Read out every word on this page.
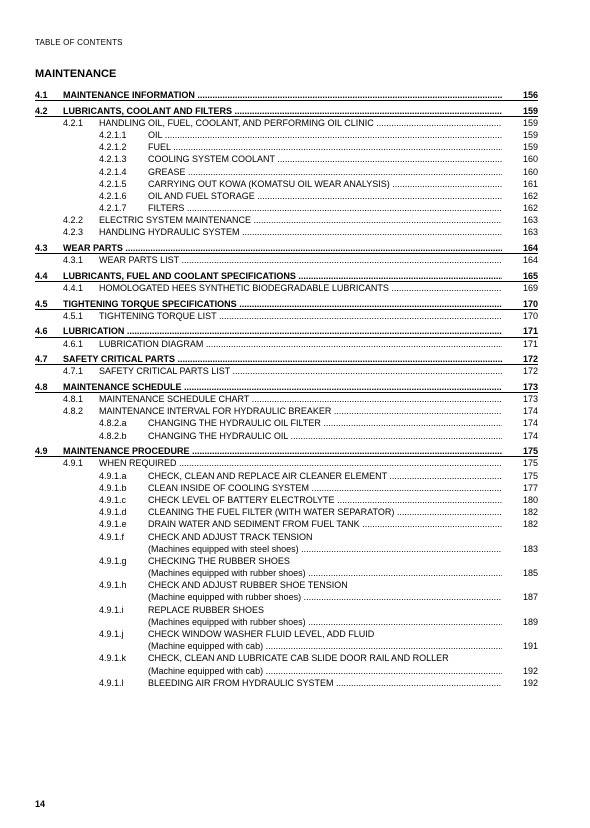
TABLE OF CONTENTS
MAINTENANCE
4.1 MAINTENANCE INFORMATION .....	156
4.2 LUBRICANTS, COOLANT AND FILTERS .....	159
4.2.1 HANDLING OIL, FUEL, COOLANT, AND PERFORMING OIL CLINIC .....	159
4.2.1.1 OIL .....	159
4.2.1.2 FUEL .....	159
4.2.1.3 COOLING SYSTEM COOLANT .....	160
4.2.1.4 GREASE .....	160
4.2.1.5 CARRYING OUT KOWA (KOMATSU OIL WEAR ANALYSIS) .....	161
4.2.1.6 OIL AND FUEL STORAGE .....	162
4.2.1.7 FILTERS .....	162
4.2.2 ELECTRIC SYSTEM MAINTENANCE .....	163
4.2.3 HANDLING HYDRAULIC SYSTEM .....	163
4.3 WEAR PARTS .....	164
4.3.1 WEAR PARTS LIST .....	164
4.4 LUBRICANTS, FUEL AND COOLANT SPECIFICATIONS .....	165
4.4.1 HOMOLOGATED HEES SYNTHETIC BIODEGRADABLE LUBRICANTS .....	169
4.5 TIGHTENING TORQUE SPECIFICATIONS .....	170
4.5.1 TIGHTENING TORQUE LIST .....	170
4.6 LUBRICATION .....	171
4.6.1 LUBRICATION DIAGRAM .....	171
4.7 SAFETY CRITICAL PARTS .....	172
4.7.1 SAFETY CRITICAL PARTS LIST .....	172
4.8 MAINTENANCE SCHEDULE .....	173
4.8.1 MAINTENANCE SCHEDULE CHART .....	173
4.8.2 MAINTENANCE INTERVAL FOR HYDRAULIC BREAKER .....	174
4.8.2.a CHANGING THE HYDRAULIC OIL FILTER .....	174
4.8.2.b CHANGING THE HYDRAULIC OIL .....	174
4.9 MAINTENANCE PROCEDURE .....	175
4.9.1 WHEN REQUIRED .....	175
4.9.1.a CHECK, CLEAN AND REPLACE AIR CLEANER ELEMENT .....	175
4.9.1.b CLEAN INSIDE OF COOLING SYSTEM .....	177
4.9.1.c CHECK LEVEL OF BATTERY ELECTROLYTE .....	180
4.9.1.d CLEANING THE FUEL FILTER (WITH WATER SEPARATOR) .....	182
4.9.1.e DRAIN WATER AND SEDIMENT FROM FUEL TANK .....	182
4.9.1.f	CHECK AND ADJUST TRACK TENSION
(Machines equipped with steel shoes) .....	183
4.9.1.g CHECKING THE RUBBER SHOES
(Machines equipped with rubber shoes) .....	185
4.9.1.h CHECK AND ADJUST RUBBER SHOE TENSION
(Machine equipped with rubber shoes) .....	187
4.9.1.i	REPLACE RUBBER SHOES
(Machines equipped with rubber shoes) .....	189
4.9.1.j	CHECK WINDOW WASHER FLUID LEVEL, ADD FLUID
(Machine equipped with cab) .....	191
4.9.1.k CHECK, CLEAN AND LUBRICATE CAB SLIDE DOOR RAIL AND ROLLER
(Machine equipped with cab) .....	192
4.9.1.l	BLEEDING AIR FROM HYDRAULIC SYSTEM .....	192
14
